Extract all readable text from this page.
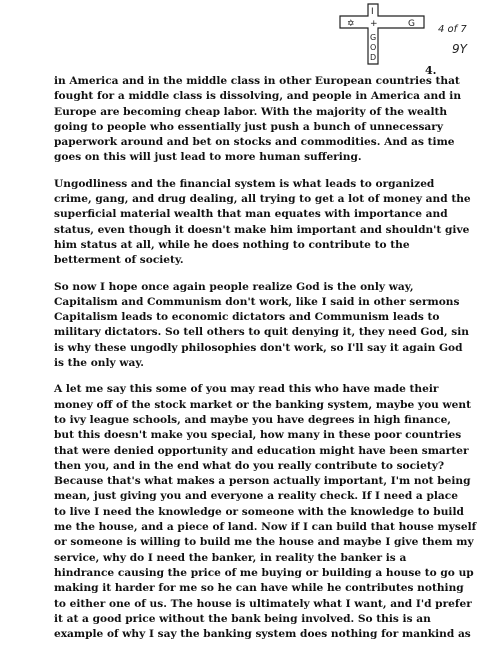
I
✡ +	G
G
O
D
4 of 7
9Y
4.

in America and in the middle class in other European countries that
fought for a middle class is dissolving, and people in America and in
Europe are becoming cheap labor. With the majority of the wealth
going to people who essentially just push a bunch of unnecessary
paperwork around and bet on stocks and commodities. And as time
goes on this will just lead to more human suffering.

Ungodliness and the financial system is what leads to organized
crime, gang, and drug dealing, all trying to get a lot of money and the
superficial material wealth that man equates with importance and
status, even though it doesn't make him important and shouldn't give
him status at all, while he does nothing to contribute to the
betterment of society.

So now I hope once again people realize God is the only way,
Capitalism and Communism don't work, like I said in other sermons
Capitalism leads to economic dictators and Communism leads to
military dictators. So tell others to quit denying it, they need God, sin
is why these ungodly philosophies don't work, so I'll say it again God
is the only way.

A let me say this some of you may read this who have made their
money off of the stock market or the banking system, maybe you went
to ivy league schools, and maybe you have degrees in high finance,
but this doesn't make you special, how many in these poor countries
that were denied opportunity and education might have been smarter
then you, and in the end what do you really contribute to society?
Because that's what makes a person actually important, I'm not being
mean, just giving you and everyone a reality check. If I need a place
to live I need the knowledge or someone with the knowledge to build
me the house, and a piece of land. Now if I can build that house myself
or someone is willing to build me the house and maybe I give them my
service, why do I need the banker, in reality the banker is a
hindrance causing the price of me buying or building a house to go up
making it harder for me so he can have while he contributes nothing
to either one of us. The house is ultimately what I want, and I'd prefer
it at a good price without the bank being involved. So this is an
example of why I say the banking system does nothing for mankind as
